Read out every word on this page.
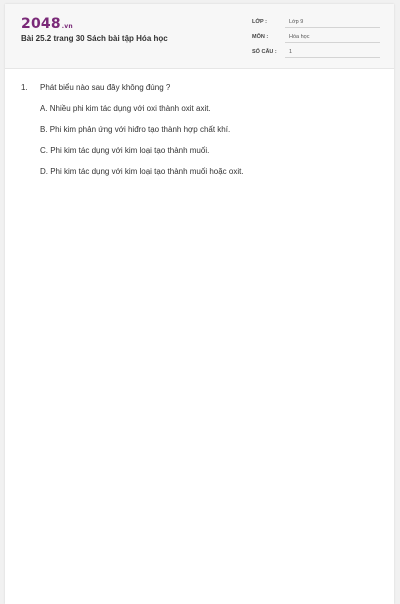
2048.vn
Bài 25.2 trang 30 Sách bài tập Hóa học
LỚP :	Lớp 9
MÔN :	Hóa học
SỐ CÂU :	1
1. Phát biểu nào sau đây không đúng ?
A. Nhiều phi kim tác dụng với oxi thành oxit axit.
B. Phi kim phản ứng với hiđro tạo thành hợp chất khí.
C. Phi kim tác dụng với kim loại tạo thành muối.
D. Phi kim tác dụng với kim loại tạo thành muối hoặc oxit.
